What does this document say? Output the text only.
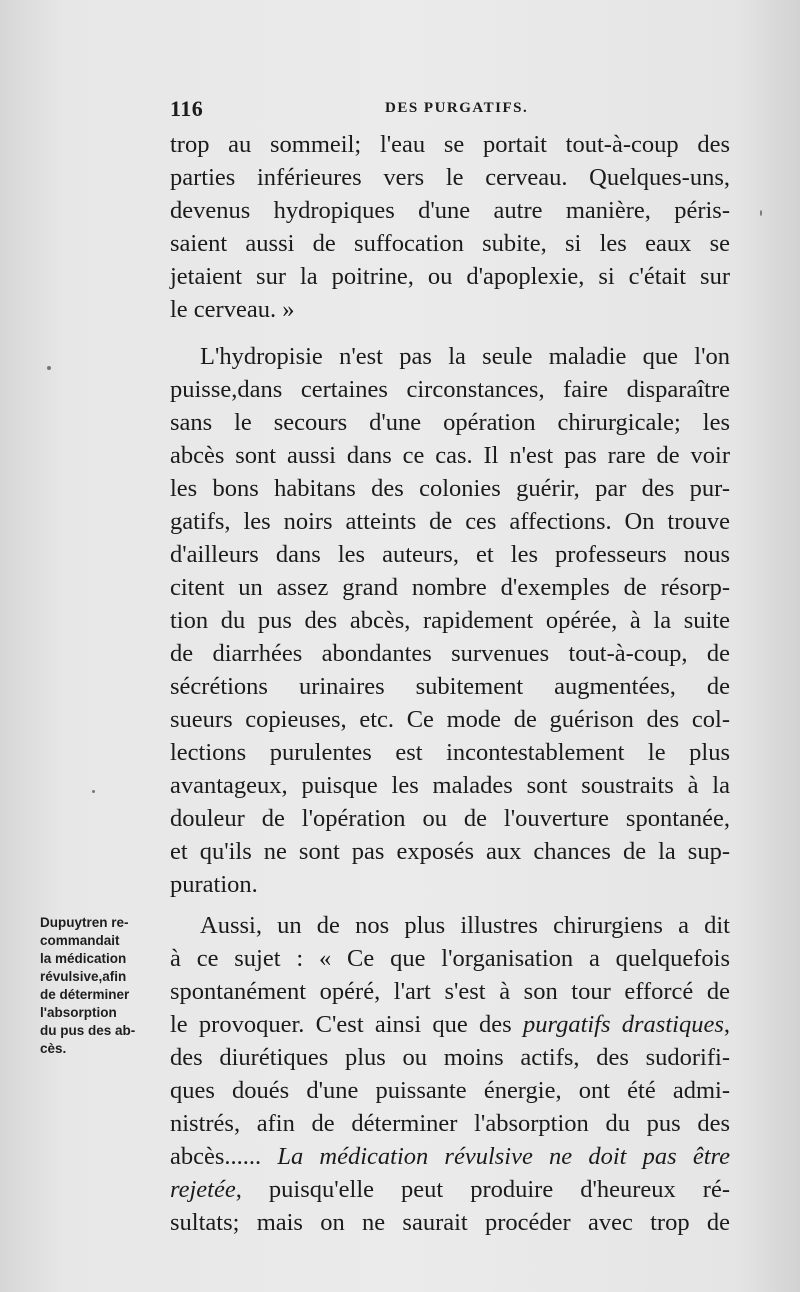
116	DES PURGATIFS.
trop au sommeil; l'eau se portait tout-à-coup des
parties inférieures vers le cerveau. Quelques-uns,
devenus hydropiques d'une autre manière, péris-
saient aussi de suffocation subite, si les eaux se
jetaient sur la poitrine, ou d'apoplexie, si c'était sur
le cerveau. »
L'hydropisie n'est pas la seule maladie que l'on
puisse,dans certaines circonstances, faire disparaître
sans le secours d'une opération chirurgicale; les
abcès sont aussi dans ce cas. Il n'est pas rare de voir
les bons habitans des colonies guérir, par des pur-
gatifs, les noirs atteints de ces affections. On trouve
d'ailleurs dans les auteurs, et les professeurs nous
citent un assez grand nombre d'exemples de résorp-
tion du pus des abcès, rapidement opérée, à la suite
de diarrhées abondantes survenues tout-à-coup, de
sécrétions urinaires subitement augmentées, de
sueurs copieuses, etc. Ce mode de guérison des col-
lections purulentes est incontestablement le plus
avantageux, puisque les malades sont soustraits à la
douleur de l'opération ou de l'ouverture spontanée,
et qu'ils ne sont pas exposés aux chances de la sup-
puration.
Aussi, un de nos plus illustres chirurgiens a dit
à ce sujet : « Ce que l'organisation a quelquefois
spontanément opéré, l'art s'est à son tour efforcé de
le provoquer. C'est ainsi que des purgatifs drastiques,
des diurétiques plus ou moins actifs, des sudorifi-
ques doués d'une puissante énergie, ont été admi-
nistrés, afin de déterminer l'absorption du pus des
abcès...... La médication révulsive ne doit pas être
rejetée, puisqu'elle peut produire d'heureux ré-
sultats; mais on ne saurait procéder avec trop de
Dupuytren re-
commandait
la médication
révulsive,afin
de déterminer
l'absorption
du pus des ab-
cès.
